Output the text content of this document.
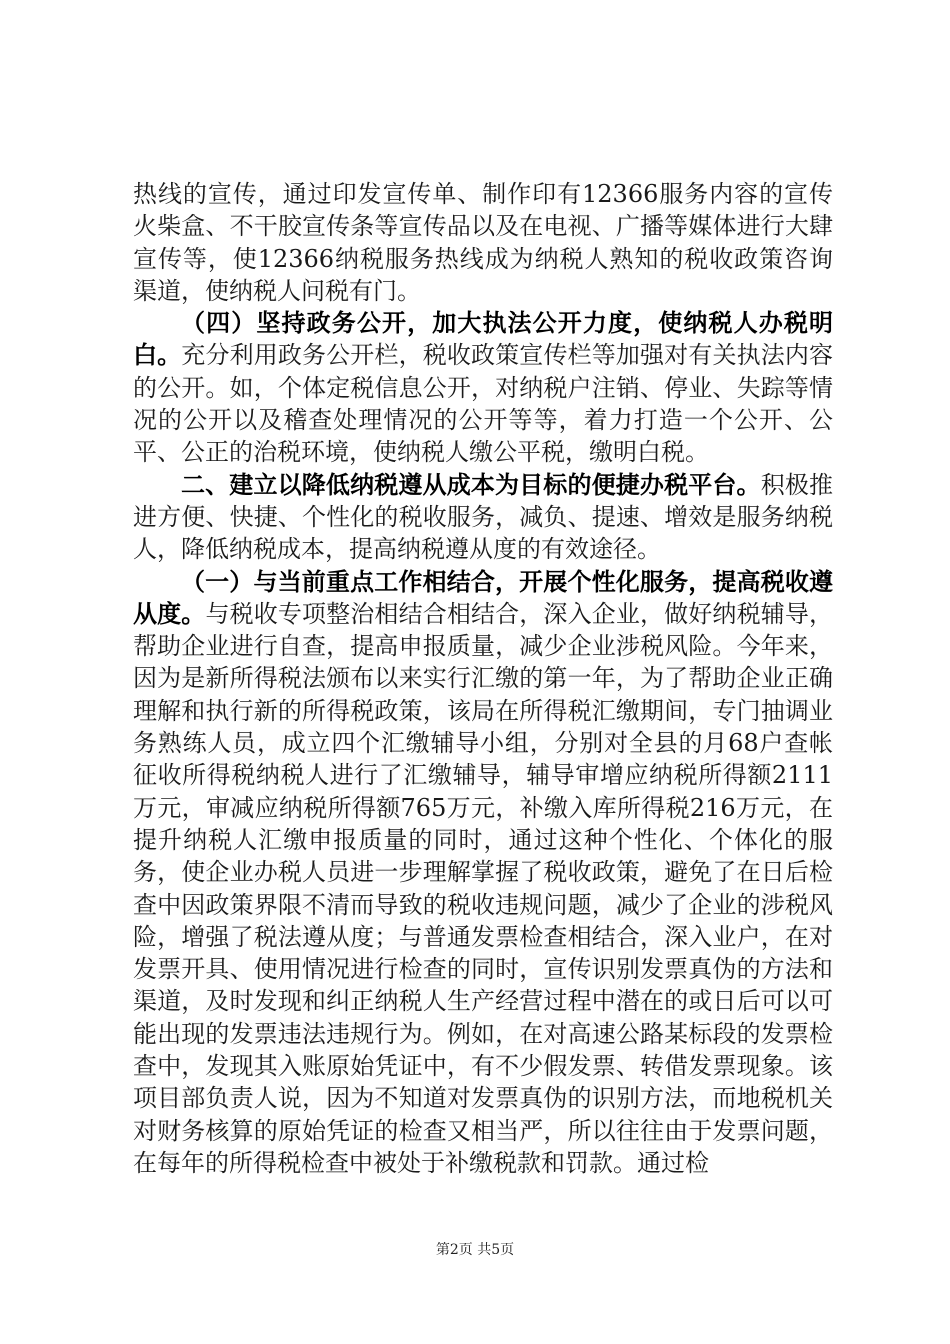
热线的宣传，通过印发宣传单、制作印有12366服务内容的宣传火柴盒、不干胶宣传条等宣传品以及在电视、广播等媒体进行大肆宣传等，使12366纳税服务热线成为纳税人熟知的税收政策咨询渠道，使纳税人问税有门。

（四）坚持政务公开，加大执法公开力度，使纳税人办税明白。充分利用政务公开栏，税收政策宣传栏等加强对有关执法内容的公开。如，个体定税信息公开，对纳税户注销、停业、失踪等情况的公开以及稽查处理情况的公开等等，着力打造一个公开、公平、公正的治税环境，使纳税人缴公平税，缴明白税。

二、建立以降低纳税遵从成本为目标的便捷办税平台。积极推进方便、快捷、个性化的税收服务，减负、提速、增效是服务纳税人，降低纳税成本，提高纳税遵从度的有效途径。

（一）与当前重点工作相结合，开展个性化服务，提高税收遵从度。与税收专项整治相结合相结合，深入企业，做好纳税辅导，帮助企业进行自查，提高申报质量，减少企业涉税风险。今年来，因为是新所得税法颁布以来实行汇缴的第一年，为了帮助企业正确理解和执行新的所得税政策，该局在所得税汇缴期间，专门抽调业务熟练人员，成立四个汇缴辅导小组，分别对全县的月68户查帐征收所得税纳税人进行了汇缴辅导，辅导审增应纳税所得额2111万元，审减应纳税所得额765万元，补缴入库所得税216万元，在提升纳税人汇缴申报质量的同时，通过这种个性化、个体化的服务，使企业办税人员进一步理解掌握了税收政策，避免了在日后检查中因政策界限不清而导致的税收违规问题，减少了企业的涉税风险，增强了税法遵从度；与普通发票检查相结合，深入业户，在对发票开具、使用情况进行检查的同时，宣传识别发票真伪的方法和渠道，及时发现和纠正纳税人生产经营过程中潜在的或日后可以可能出现的发票违法违规行为。例如，在对高速公路某标段的发票检查中，发现其入账原始凭证中，有不少假发票、转借发票现象。该项目部负责人说，因为不知道对发票真伪的识别方法，而地税机关对财务核算的原始凭证的检查又相当严，所以往往由于发票问题，在每年的所得税检查中被处于补缴税款和罚款。通过检

第2页 共5页
